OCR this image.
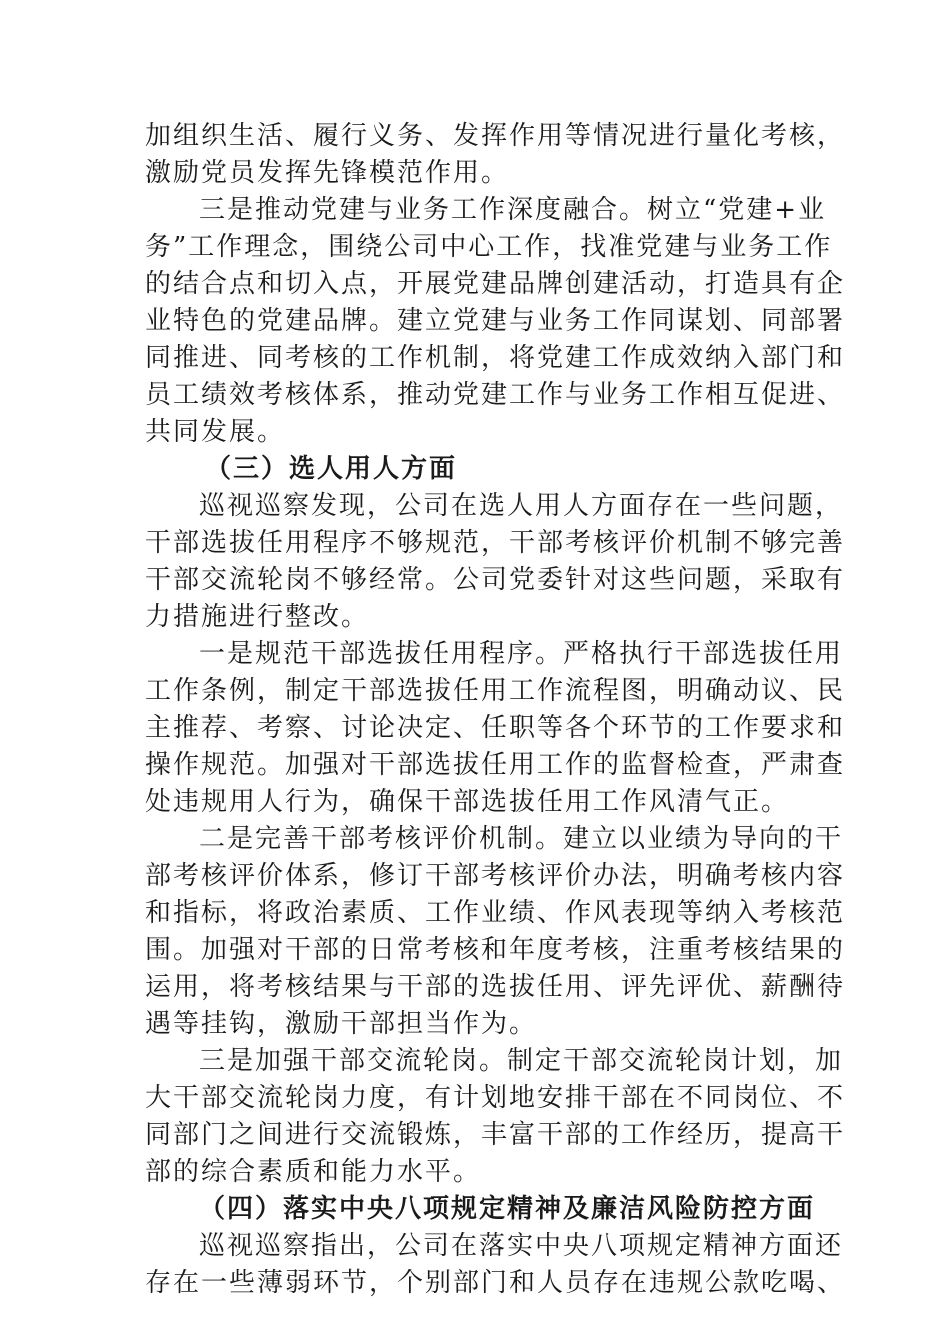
加组织生活、履行义务、发挥作用等情况进行量化考核，
激励党员发挥先锋模范作用。
三是推动党建与业务工作深度融合。树立“党建+业
务”工作理念，围绕公司中心工作，找准党建与业务工作
的结合点和切入点，开展党建品牌创建活动，打造具有企
业特色的党建品牌。建立党建与业务工作同谋划、同部署
同推进、同考核的工作机制，将党建工作成效纳入部门和
员工绩效考核体系，推动党建工作与业务工作相互促进、
共同发展。
（三）选人用人方面
巡视巡察发现，公司在选人用人方面存在一些问题，
干部选拔任用程序不够规范，干部考核评价机制不够完善
干部交流轮岗不够经常。公司党委针对这些问题，采取有
力措施进行整改。
一是规范干部选拔任用程序。严格执行干部选拔任用
工作条例，制定干部选拔任用工作流程图，明确动议、民
主推荐、考察、讨论决定、任职等各个环节的工作要求和
操作规范。加强对干部选拔任用工作的监督检查，严肃查
处违规用人行为，确保干部选拔任用工作风清气正。
二是完善干部考核评价机制。建立以业绩为导向的干
部考核评价体系，修订干部考核评价办法，明确考核内容
和指标，将政治素质、工作业绩、作风表现等纳入考核范
围。加强对干部的日常考核和年度考核，注重考核结果的
运用，将考核结果与干部的选拔任用、评先评优、薪酬待
遇等挂钩，激励干部担当作为。
三是加强干部交流轮岗。制定干部交流轮岗计划，加
大干部交流轮岗力度，有计划地安排干部在不同岗位、不
同部门之间进行交流锻炼，丰富干部的工作经历，提高干
部的综合素质和能力水平。
（四）落实中央八项规定精神及廉洁风险防控方面
巡视巡察指出，公司在落实中央八项规定精神方面还
存在一些薄弱环节，个别部门和人员存在违规公款吃喝、
